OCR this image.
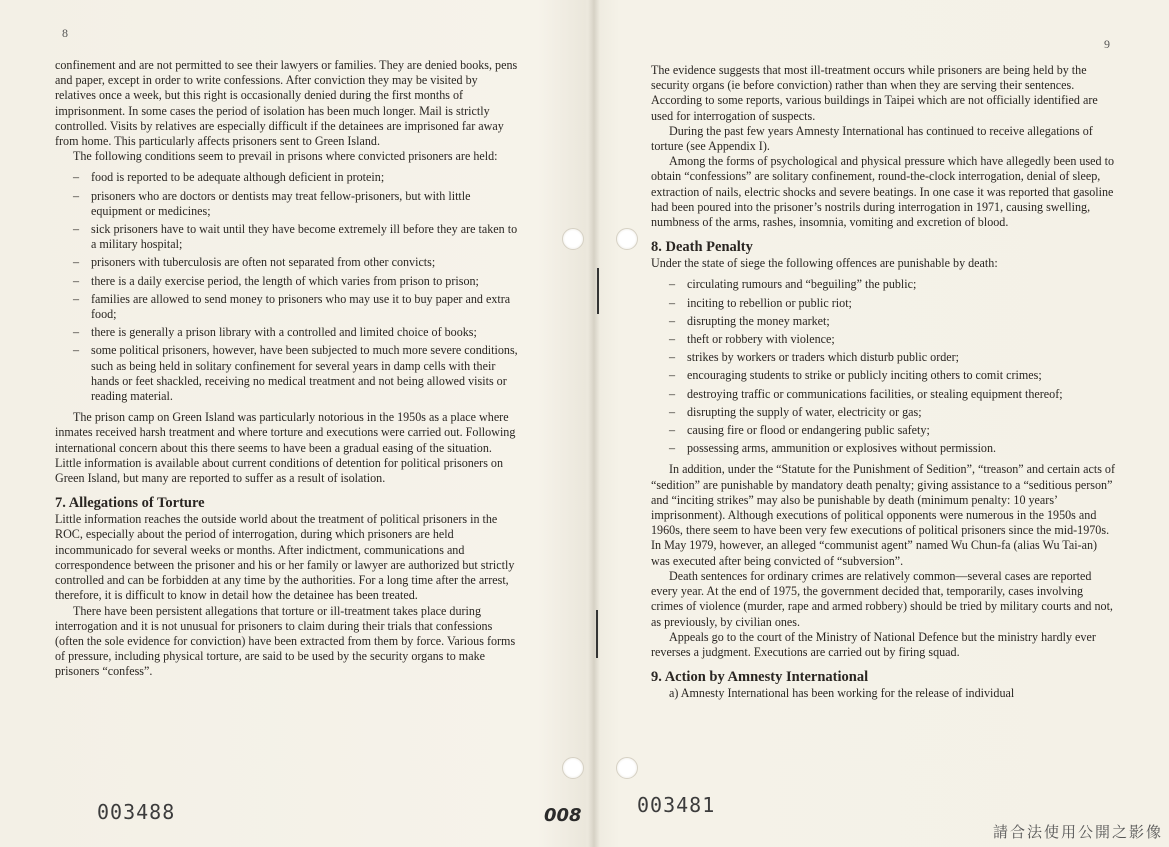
8

confinement and are not permitted to see their lawyers or families. They are denied books, pens and paper, except in order to write confessions. After conviction they may be visited by relatives once a week, but this right is occasionally denied during the first months of imprisonment. In some cases the period of isolation has been much longer. Mail is strictly controlled. Visits by relatives are especially difficult if the detainees are imprisoned far away from home. This particularly affects prisoners sent to Green Island.

The following conditions seem to prevail in prisons where convicted prisoners are held:

– food is reported to be adequate although deficient in protein;
– prisoners who are doctors or dentists may treat fellow-prisoners, but with little equipment or medicines;
– sick prisoners have to wait until they have become extremely ill before they are taken to a military hospital;
– prisoners with tuberculosis are often not separated from other convicts;
– there is a daily exercise period, the length of which varies from prison to prison;
– families are allowed to send money to prisoners who may use it to buy paper and extra food;
– there is generally a prison library with a controlled and limited choice of books;
– some political prisoners, however, have been subjected to much more severe conditions, such as being held in solitary confinement for several years in damp cells with their hands or feet shackled, receiving no medical treatment and not being allowed visits or reading material.

The prison camp on Green Island was particularly notorious in the 1950s as a place where inmates received harsh treatment and where torture and executions were carried out. Following international concern about this there seems to have been a gradual easing of the situation. Little information is available about current conditions of detention for political prisoners on Green Island, but many are reported to suffer as a result of isolation.

7. Allegations of Torture

Little information reaches the outside world about the treatment of political prisoners in the ROC, especially about the period of interrogation, during which prisoners are held incommunicado for several weeks or months. After indictment, communications and correspondence between the prisoner and his or her family or lawyer are authorized but strictly controlled and can be forbidden at any time by the authorities. For a long time after the arrest, therefore, it is difficult to know in detail how the detainee has been treated.

There have been persistent allegations that torture or ill-treatment takes place during interrogation and it is not unusual for prisoners to claim during their trials that confessions (often the sole evidence for conviction) have been extracted from them by force. Various forms of pressure, including physical torture, are said to be used by the security organs to make prisoners “confess”.

003488	008
9

The evidence suggests that most ill-treatment occurs while prisoners are being held by the security organs (ie before conviction) rather than when they are serving their sentences. According to some reports, various buildings in Taipei which are not officially identified are used for interrogation of suspects.

During the past few years Amnesty International has continued to receive allegations of torture (see Appendix I).

Among the forms of psychological and physical pressure which have allegedly been used to obtain “confessions” are solitary confinement, round-the-clock interrogation, denial of sleep, extraction of nails, electric shocks and severe beatings. In one case it was reported that gasoline had been poured into the prisoner’s nostrils during interrogation in 1971, causing swelling, numbness of the arms, rashes, insomnia, vomiting and excretion of blood.

8. Death Penalty

Under the state of siege the following offences are punishable by death:

– circulating rumours and “beguiling” the public;
– inciting to rebellion or public riot;
– disrupting the money market;
– theft or robbery with violence;
– strikes by workers or traders which disturb public order;
– encouraging students to strike or publicly inciting others to comit crimes;
– destroying traffic or communications facilities, or stealing equipment thereof;
– disrupting the supply of water, electricity or gas;
– causing fire or flood or endangering public safety;
– possessing arms, ammunition or explosives without permission.

In addition, under the “Statute for the Punishment of Sedition”, “treason” and certain acts of “sedition” are punishable by mandatory death penalty; giving assistance to a “seditious person” and “inciting strikes” may also be punishable by death (minimum penalty: 10 years’ imprisonment). Although executions of political opponents were numerous in the 1950s and 1960s, there seem to have been very few executions of political prisoners since the mid-1970s. In May 1979, however, an alleged “communist agent” named Wu Chun-fa (alias Wu Tai-an) was executed after being convicted of “subversion”.

Death sentences for ordinary crimes are relatively common—several cases are reported every year. At the end of 1975, the government decided that, temporarily, cases involving crimes of violence (murder, rape and armed robbery) should be tried by military courts and not, as previously, by civilian ones.

Appeals go to the court of the Ministry of National Defence but the ministry hardly ever reverses a judgment. Executions are carried out by firing squad.

9. Action by Amnesty International

a) Amnesty International has been working for the release of individual

003481
請合法使用公開之影像
